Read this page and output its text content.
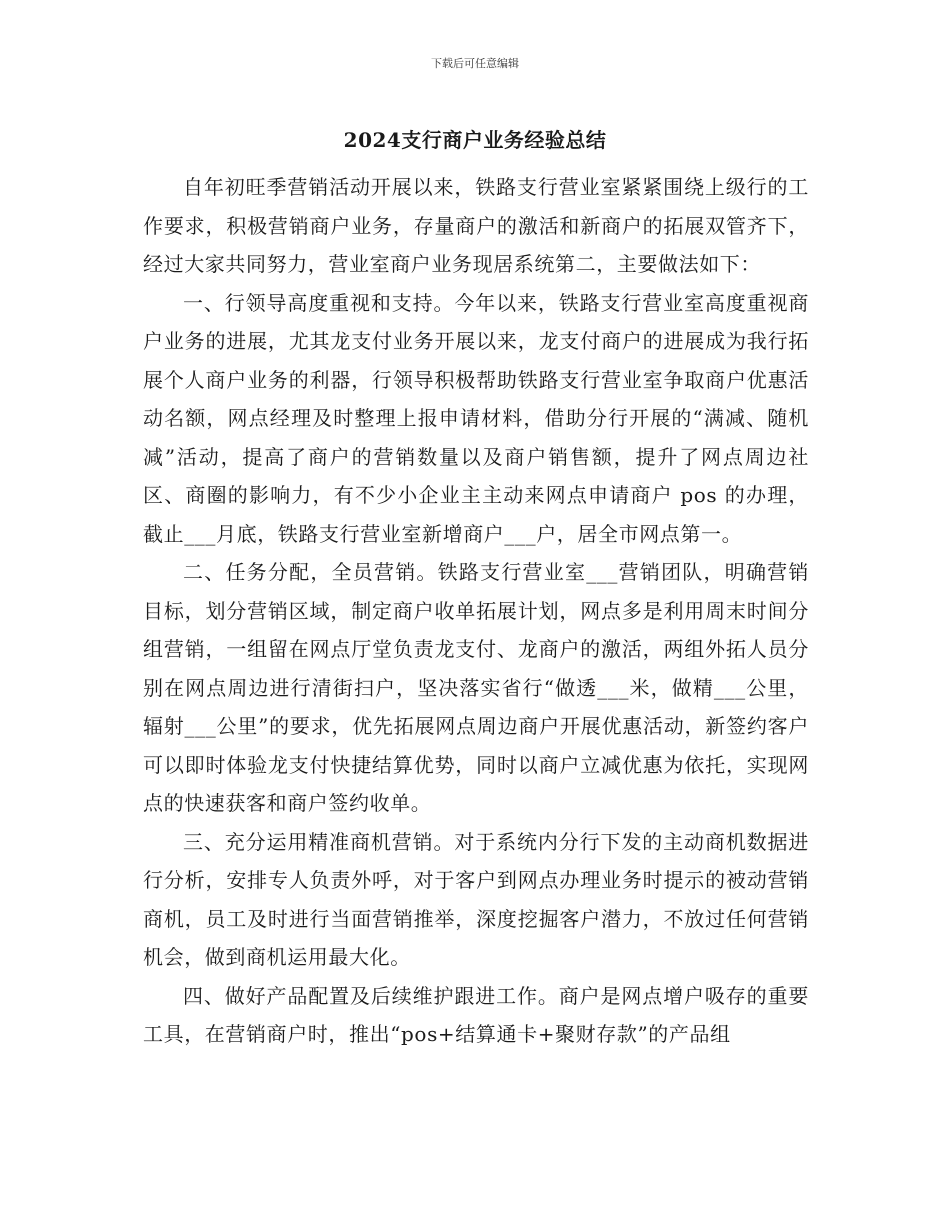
下载后可任意编辑
2024支行商户业务经验总结

自年初旺季营销活动开展以来，铁路支行营业室紧紧围绕上级行的工作要求，积极营销商户业务，存量商户的激活和新商户的拓展双管齐下，经过大家共同努力，营业室商户业务现居系统第二，主要做法如下：

一、行领导高度重视和支持。今年以来，铁路支行营业室高度重视商户业务的进展，尤其龙支付业务开展以来，龙支付商户的进展成为我行拓展个人商户业务的利器，行领导积极帮助铁路支行营业室争取商户优惠活动名额，网点经理及时整理上报申请材料，借助分行开展的“满减、随机减”活动，提高了商户的营销数量以及商户销售额，提升了网点周边社区、商圈的影响力，有不少小企业主主动来网点申请商户 pos 的办理，截止___月底，铁路支行营业室新增商户___户，居全市网点第一。

二、任务分配，全员营销。铁路支行营业室___营销团队，明确营销目标，划分营销区域，制定商户收单拓展计划，网点多是利用周末时间分组营销，一组留在网点厅堂负责龙支付、龙商户的激活，两组外拓人员分别在网点周边进行清街扫户，坚决落实省行“做透___米，做精___公里，辐射___公里”的要求，优先拓展网点周边商户开展优惠活动，新签约客户可以即时体验龙支付快捷结算优势，同时以商户立减优惠为依托，实现网点的快速获客和商户签约收单。

三、充分运用精准商机营销。对于系统内分行下发的主动商机数据进行分析，安排专人负责外呼，对于客户到网点办理业务时提示的被动营销商机，员工及时进行当面营销推举，深度挖掘客户潜力，不放过任何营销机会，做到商机运用最大化。

四、做好产品配置及后续维护跟进工作。商户是网点增户吸存的重要工具，在营销商户时，推出“pos+结算通卡+聚财存款”的产品组
